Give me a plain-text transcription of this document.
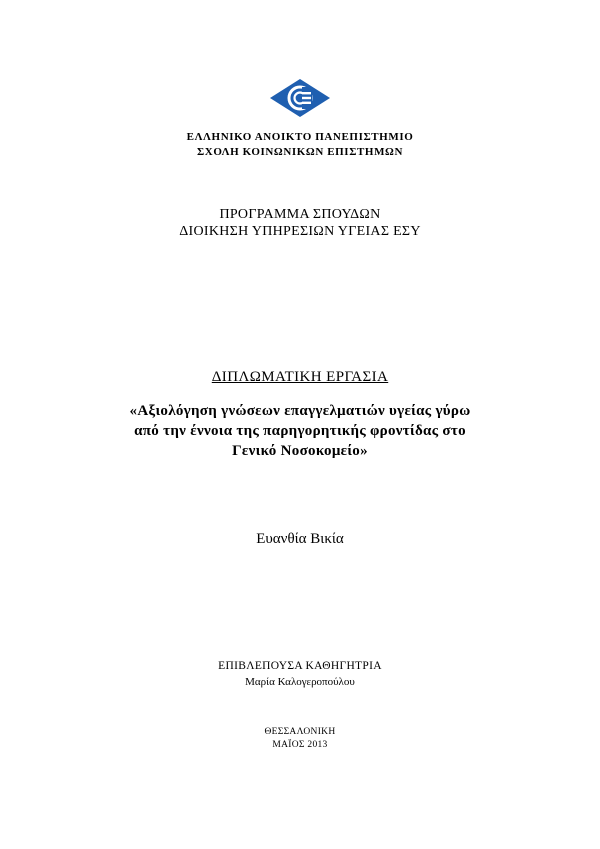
ΕΛΛΗΝΙΚΟ ΑΝΟΙΚΤΟ ΠΑΝΕΠΙΣΤΗΜΙΟ
ΣΧΟΛΗ ΚΟΙΝΩΝΙΚΩΝ ΕΠΙΣΤΗΜΩΝ
ΠΡΟΓΡΑΜΜΑ ΣΠΟΥΔΩΝ
ΔΙΟΙΚΗΣΗ ΥΠΗΡΕΣΙΩΝ ΥΓΕΙΑΣ ΕΣΥ
ΔΙΠΛΩΜΑΤΙΚΗ ΕΡΓΑΣΙΑ
«Αξιολόγηση γνώσεων επαγγελματιών υγείας γύρω
από την έννοια της παρηγορητικής φροντίδας στο
Γενικό Νοσοκομείο»
Ευανθία Βικία
ΕΠΙΒΛΕΠΟΥΣΑ ΚΑΘΗΓΗΤΡΙΑ
Μαρία Καλογεροπούλου
ΘΕΣΣΑΛΟΝΙΚΗ
ΜΑΪΟΣ 2013
